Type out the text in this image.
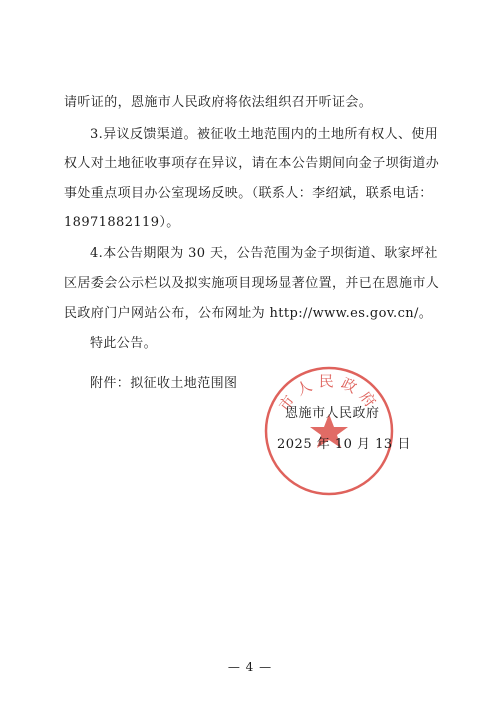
请听证的，恩施市人民政府将依法组织召开听证会。
3.异议反馈渠道。被征收土地范围内的土地所有权人、使用
权人对土地征收事项存在异议，请在本公告期间向金子坝街道办
事处重点项目办公室现场反映。（联系人：李绍斌，联系电话：
18971882119）。
4.本公告期限为 30 天，公告范围为金子坝街道、耿家坪社
区居委会公示栏以及拟实施项目现场显著位置，并已在恩施市人
民政府门户网站公布，公布网址为 http://www.es.gov.cn/。
特此公告。
附件：拟征收土地范围图
市人民政府
恩施市人民政府
2025 年 10 月 13 日
— 4 —
